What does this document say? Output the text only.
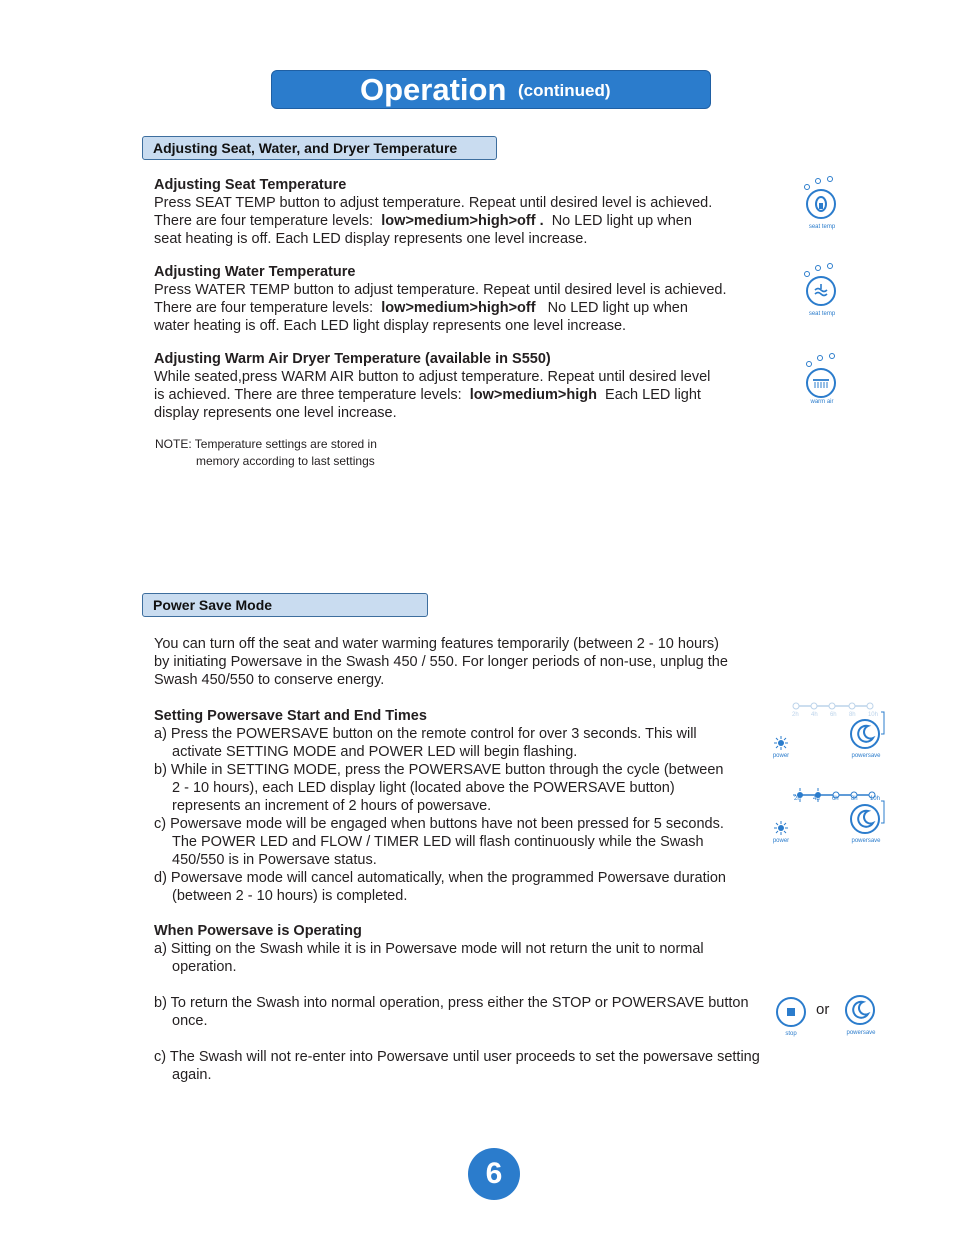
Operation (continued)
Adjusting Seat, Water, and Dryer Temperature
Adjusting Seat Temperature
Press SEAT TEMP button to adjust temperature. Repeat until desired level is achieved.
There are four temperature levels: low>medium>high>off . No LED light up when
seat heating is off. Each LED display represents one level increase.
Adjusting Water Temperature
Press WATER TEMP button to adjust temperature. Repeat until desired level is achieved.
There are four temperature levels: low>medium>high>off No LED light up when
water heating is off. Each LED light display represents one level increase.
Adjusting Warm Air Dryer Temperature (available in S550)
While seated,press WARM AIR button to adjust temperature. Repeat until desired level
is achieved. There are three temperature levels: low>medium>high Each LED light
display represents one level increase.
NOTE: Temperature settings are stored in
memory according to last settings
seat temp
seat temp
warm air
Power Save Mode
You can turn off the seat and water warming features temporarily (between 2 - 10 hours)
by initiating Powersave in the Swash 450 / 550. For longer periods of non-use, unplug the
Swash 450/550 to conserve energy.
Setting Powersave Start and End Times
a) Press the POWERSAVE button on the remote control for over 3 seconds. This will activate SETTING MODE and POWER LED will begin flashing.
b) While in SETTING MODE, press the POWERSAVE button through the cycle (between 2 - 10 hours), each LED display light (located above the POWERSAVE button) represents an increment of 2 hours of powersave.
c) Powersave mode will be engaged when buttons have not been pressed for 5 seconds. The POWER LED and FLOW / TIMER LED will flash continuously while the Swash 450/550 is in Powersave status.
d) Powersave mode will cancel automatically, when the programmed Powersave duration (between 2 - 10 hours) is completed.
When Powersave is Operating
a) Sitting on the Swash while it is in Powersave mode will not return the unit to normal operation.
b) To return the Swash into normal operation, press either the STOP or POWERSAVE button once.
c) The Swash will not re-enter into Powersave until user proceeds to set the powersave setting again.
2h 4h 6h 8h 10h
power	powersave
2h 4h 6h 8h 10h
power	powersave
stop
or
powersave
6
